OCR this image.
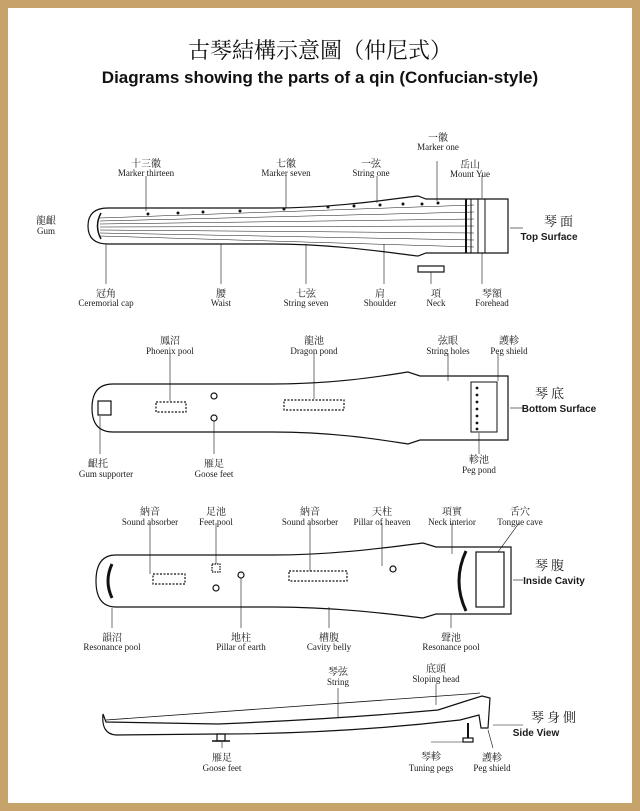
古琴結構示意圖（仲尼式）
Diagrams showing the parts of a qin (Confucian-style)
十三徽
Marker thirteen
七徽
Marker seven
一弦
String one
一徽
Marker one
岳山
Mount Yue
龍齦
Gum
琴面
Top Surface
冠角
Ceremorial cap
腰
Waist
七弦
String seven
肩
Shoulder
項
Neck
琴額
Forehead
鳳沼
Phoenix pool
龍池
Dragon pond
弦眼
String holes
護軫
Peg shield
琴底
Bottom Surface
齦托
Gum supporter
雁足
Goose feet
軫池
Peg pond
納音
Sound absorber
足池
Feet pool
納音
Sound absorber
天柱
Pillar of heaven
項實
Neck interior
舌穴
Tongue cave
琴腹
Inside Cavity
韻沼
Resonance pool
地柱
Pillar of earth
槽腹
Cavity belly
聲池
Resonance pool
琴弦
String
底頭
Sloping head
琴身側
Side View
雁足
Goose feet
琴軫
Tuning pegs
護軫
Peg shield
